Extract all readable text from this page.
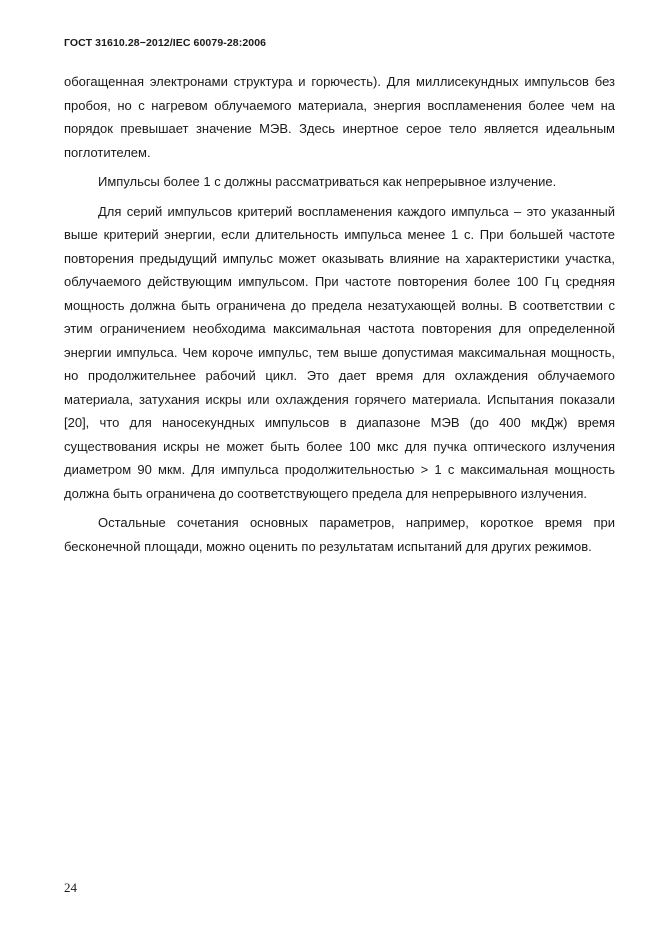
ГОСТ 31610.28−2012/IEC 60079-28:2006

обогащенная электронами структура и горючесть). Для миллисекундных импульсов без пробоя, но с нагревом облучаемого материала, энергия воспламенения более чем на порядок превышает значение МЭВ. Здесь инертное серое тело является идеальным поглотителем.

Импульсы более 1 с должны рассматриваться как непрерывное излучение.

Для серий импульсов критерий воспламенения каждого импульса – это указанный выше критерий энергии, если длительность импульса менее 1 с. При большей частоте повторения предыдущий импульс может оказывать влияние на характеристики участка, облучаемого действующим импульсом. При частоте повторения более 100 Гц средняя мощность должна быть ограничена до предела незатухающей волны. В соответствии с этим ограничением необходима максимальная частота повторения для определенной энергии импульса. Чем короче импульс, тем выше допустимая максимальная мощность, но продолжительнее рабочий цикл. Это дает время для охлаждения облучаемого материала, затухания искры или охлаждения горячего материала. Испытания показали [20], что для наносекундных импульсов в диапазоне МЭВ (до 400 мкДж) время существования искры не может быть более 100 мкс для пучка оптического излучения диаметром 90 мкм. Для импульса продолжительностью > 1 с максимальная мощность должна быть ограничена до соответствующего предела для непрерывного излучения.

Остальные сочетания основных параметров, например, короткое время при бесконечной площади, можно оценить по результатам испытаний для других режимов.

24
